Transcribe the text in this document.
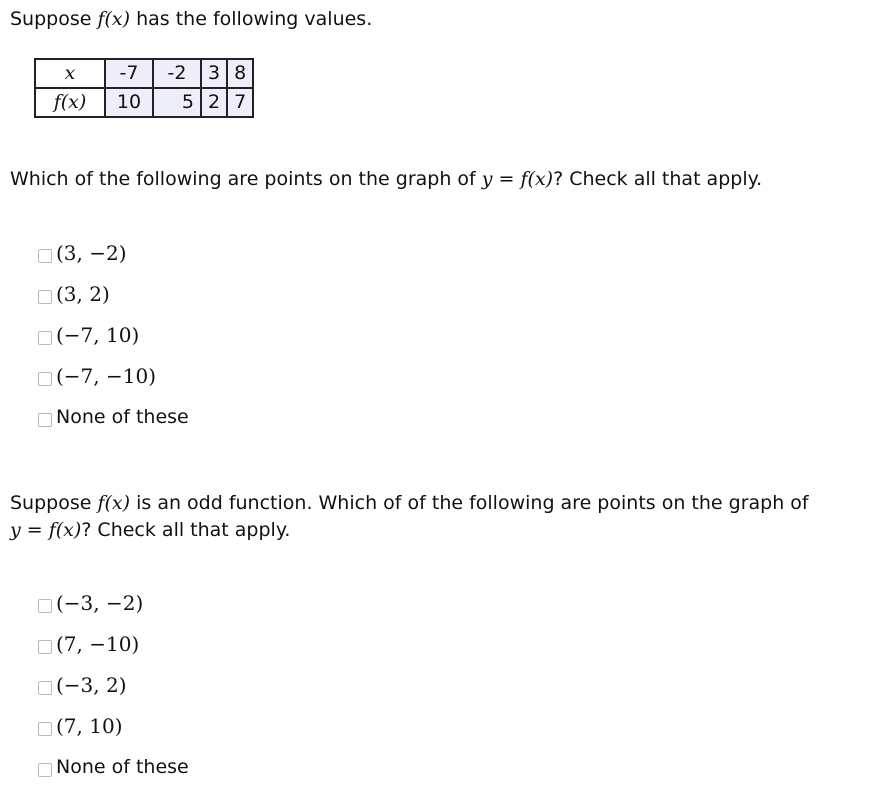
Suppose f(x) has the following values.
x	-7	-2	3	8
f(x)	10	5	2	7
Which of the following are points on the graph of y = f(x)? Check all that apply.
(3, −2)
(3, 2)
(−7, 10)
(−7, −10)
None of these
Suppose f(x) is an odd function. Which of of the following are points on the graph of
y = f(x)? Check all that apply.
(−3, −2)
(7, −10)
(−3, 2)
(7, 10)
None of these
